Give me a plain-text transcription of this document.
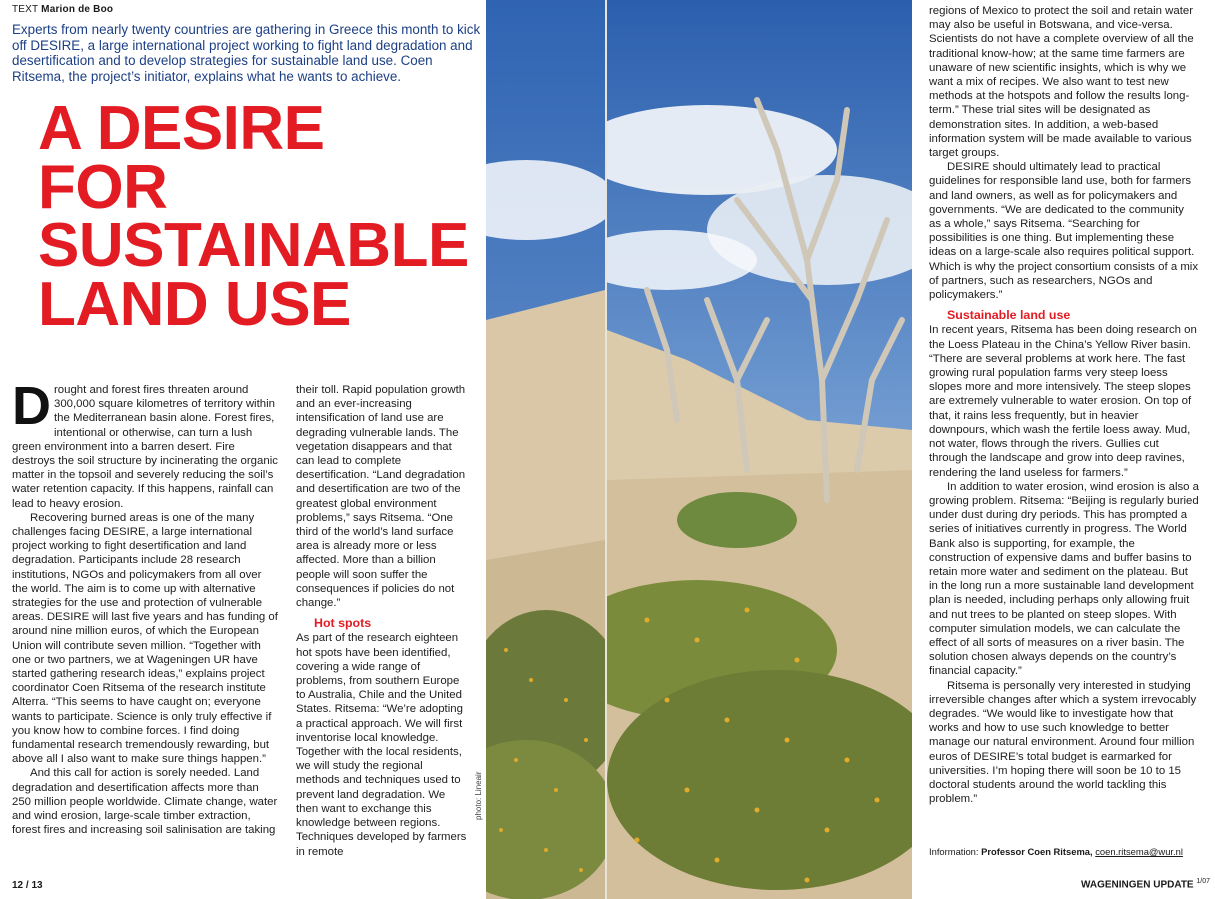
TEXT Marion de Boo
Experts from nearly twenty countries are gathering in Greece this month to kick off DESIRE, a large international project working to fight land degradation and desertification and to develop strategies for sustainable land use. Coen Ritsema, the project’s initiator, explains what he wants to achieve.
A DESIRE
FOR
SUSTAINABLE
LAND USE

Drought and forest fires threaten around 300,000 square kilometres of territory within the Mediterranean basin alone. Forest fires, intentional or otherwise, can turn a lush green environment into a barren desert. Fire destroys the soil structure by incinerating the organic matter in the topsoil and severely reducing the soil’s water retention capacity. If this happens, rainfall can lead to heavy erosion.

Recovering burned areas is one of the many challenges facing DESIRE, a large international project working to fight desertification and land degradation. Participants include 28 research institutions, NGOs and policymakers from all over the world. The aim is to come up with alternative strategies for the use and protection of vulnerable areas. DESIRE will last five years and has funding of around nine million euros, of which the European Union will contribute seven million. “Together with one or two partners, we at Wageningen UR have started gathering research ideas,” explains project coordinator Coen Ritsema of the research institute Alterra. “This seems to have caught on; everyone wants to participate. Science is only truly effective if you know how to combine forces. I find doing fundamental research tremendously rewarding, but above all I also want to make sure things happen.”

And this call for action is sorely needed. Land degradation and desertification affects more than 250 million people worldwide. Climate change, water and wind erosion, large-scale timber extraction, forest fires and increasing soil salinisation are taking

their toll. Rapid population growth and an ever-increasing intensification of land use are degrading vulnerable lands. The vegetation disappears and that can lead to complete desertification. “Land degradation and desertification are two of the greatest global environment problems,” says Ritsema. “One third of the world’s land surface area is already more or less affected. More than a billion people will soon suffer the consequences if policies do not change.”

Hot spots

As part of the research eighteen hot spots have been identified, covering a wide range of problems, from southern Europe to Australia, Chile and the United States. Ritsema: “We’re adopting a practical approach. We will first inventorise local knowledge. Together with the local residents, we will study the regional methods and techniques used to prevent land degradation. We then want to exchange this knowledge between regions. Techniques developed by farmers in remote

photo: Lineair

regions of Mexico to protect the soil and retain water may also be useful in Botswana, and vice-versa. Scientists do not have a complete overview of all the traditional know-how; at the same time farmers are unaware of new scientific insights, which is why we want a mix of recipes. We also want to test new methods at the hotspots and follow the results long-term.” These trial sites will be designated as demonstration sites. In addition, a web-based information system will be made available to various target groups.

DESIRE should ultimately lead to practical guidelines for responsible land use, both for farmers and land owners, as well as for policymakers and governments. “We are dedicated to the community as a whole,” says Ritsema. “Searching for possibilities is one thing. But implementing these ideas on a large-scale also requires political support. Which is why the project consortium consists of a mix of partners, such as researchers, NGOs and policymakers.”

Sustainable land use

In recent years, Ritsema has been doing research on the Loess Plateau in the China’s Yellow River basin. “There are several problems at work here. The fast growing rural population farms very steep loess slopes more and more intensively. The steep slopes are extremely vulnerable to water erosion. On top of that, it rains less frequently, but in heavier downpours, which wash the fertile loess away. Mud, not water, flows through the rivers. Gullies cut through the landscape and grow into deep ravines, rendering the land useless for farmers.”

In addition to water erosion, wind erosion is also a growing problem. Ritsema: “Beijing is regularly buried under dust during dry periods. This has prompted a series of initiatives currently in progress. The World Bank also is supporting, for example, the construction of expensive dams and buffer basins to retain more water and sediment on the plateau. But in the long run a more sustainable land development plan is needed, including perhaps only allowing fruit and nut trees to be planted on steep slopes. With computer simulation models, we can calculate the effect of all sorts of measures on a river basin. The solution chosen always depends on the country’s financial capacity.”

Ritsema is personally very interested in studying irreversible changes after which a system irrevocably degrades. “We would like to investigate how that works and how to use such knowledge to better manage our natural environment. Around four million euros of DESIRE’s total budget is earmarked for universities. I’m hoping there will soon be 10 to 15 doctoral students around the world tackling this problem.”

Information: Professor Coen Ritsema, coen.ritsema@wur.nl
12 / 13	WAGENINGEN UPDATE $^{1/07}$
